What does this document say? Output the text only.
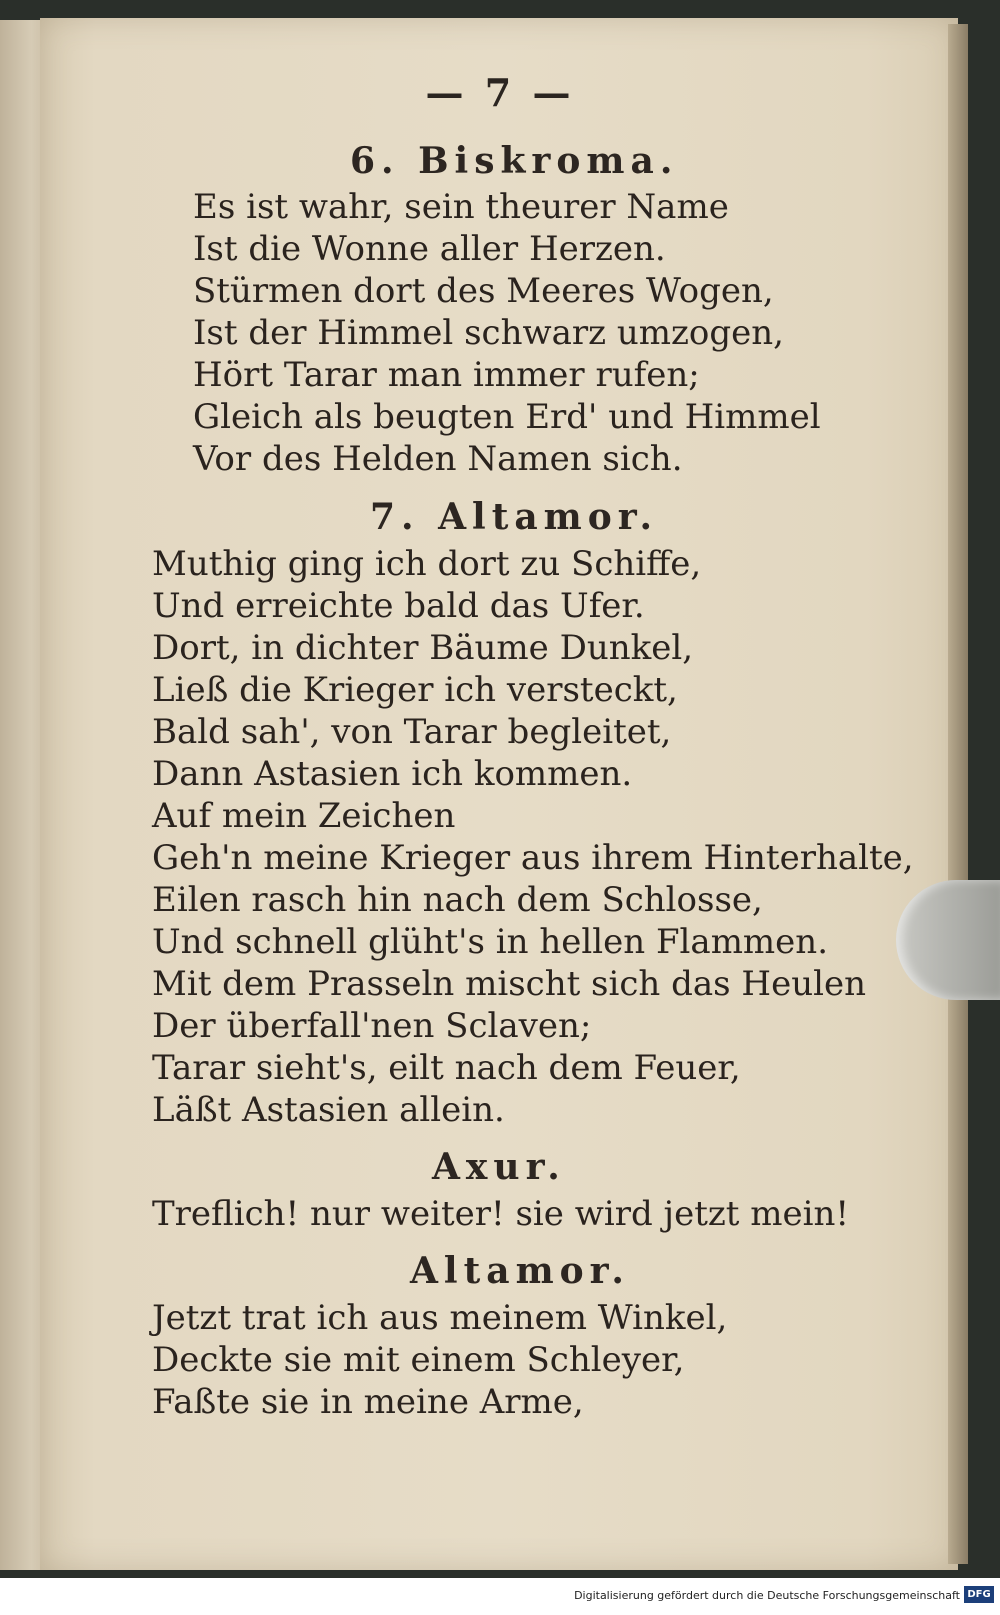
— 7 —
6. Biskroma.
Es ist wahr, sein theurer Name
Ist die Wonne aller Herzen.
Stürmen dort des Meeres Wogen,
Ist der Himmel schwarz umzogen,
Hört Tarar man immer rufen;
Gleich als beugten Erd' und Himmel
Vor des Helden Namen sich.
7. Altamor.
Muthig ging ich dort zu Schiffe,
Und erreichte bald das Ufer.
Dort, in dichter Bäume Dunkel,
Ließ die Krieger ich versteckt,
Bald sah', von Tarar begleitet,
Dann Astasien ich kommen.
Auf mein Zeichen
Geh'n meine Krieger aus ihrem Hinterhalte,
Eilen rasch hin nach dem Schlosse,
Und schnell glüht's in hellen Flammen.
Mit dem Prasseln mischt sich das Heulen
Der überfall'nen Sclaven;
Tarar sieht's, eilt nach dem Feuer,
Läßt Astasien allein.
Axur.
Treflich! nur weiter! sie wird jetzt mein!
Altamor.
Jetzt trat ich aus meinem Winkel,
Deckte sie mit einem Schleyer,
Faßte sie in meine Arme,
Digitalisierung gefördert durch die Deutsche Forschungsgemeinschaft DFG
